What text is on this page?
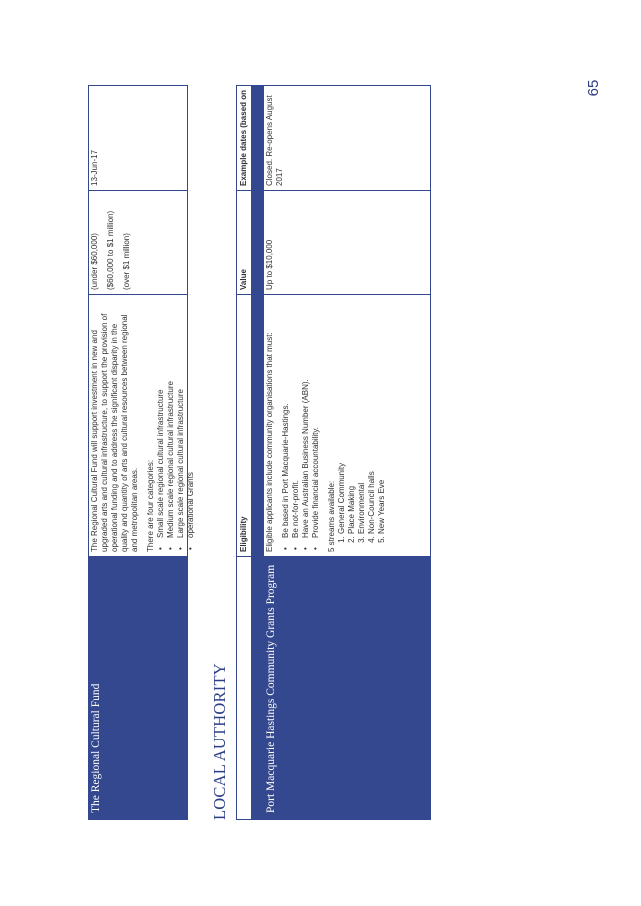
65
The Regional Cultural Fund

The Regional Cultural Fund will support investment in new and upgraded arts and cultural infrastructure, to support the provision of operational funding and to address the significant disparity in the quality and quantity of arts and cultural resources between regional and metropolitan areas. There are four categories: • Small scale regional cultural infrastructure • Medium scale regional cultural infrastructure • Large scale regional cultural infrastructure • operational Grants

(under $60,000) ($60,000 to $1 million) (over $1 million)

13-Jun-17

LOCAL AUTHORITY
Eligibility
Value
Example dates (based on
Port Macquarie Hastings Community Grants Program

Eligible applicants include community organisations that must: • Be based in Port Macquarie-Hastings. • Be not-for-profit. • Have an Australian Business Number (ABN). • Provide financial accountability. 5 streams available: 1. General Community 2. Place Making 3. Environmental 4. Non-Council halls 5. New Years Eve

Up to $10,000

Closed. Re-opens August 2017
